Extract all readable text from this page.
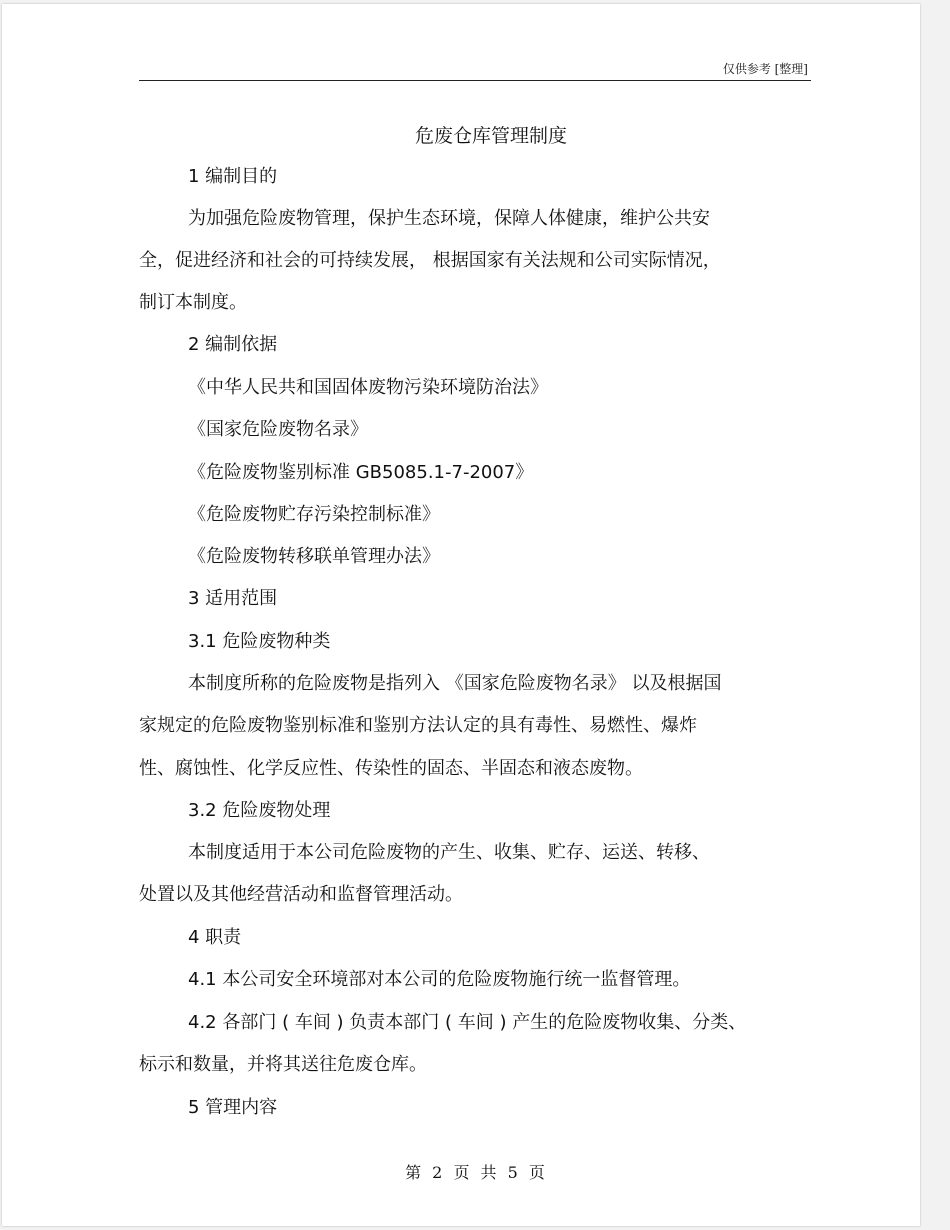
仅供参考 [整理]
危废仓库管理制度
1 编制目的
为加强危险废物管理，保护生态环境，保障人体健康，维护公共安
全，促进经济和社会的可持续发展， 根据国家有关法规和公司实际情况，
制订本制度。
2 编制依据
《中华人民共和国固体废物污染环境防治法》
《国家危险废物名录》
《危险废物鉴别标准 GB5085.1-7-2007》
《危险废物贮存污染控制标准》
《危险废物转移联单管理办法》
3 适用范围
3.1 危险废物种类
本制度所称的危险废物是指列入 《国家危险废物名录》 以及根据国
家规定的危险废物鉴别标准和鉴别方法认定的具有毒性、易燃性、爆炸
性、腐蚀性、化学反应性、传染性的固态、半固态和液态废物。
3.2 危险废物处理
本制度适用于本公司危险废物的产生、收集、贮存、运送、转移、
处置以及其他经营活动和监督管理活动。
4 职责
4.1 本公司安全环境部对本公司的危险废物施行统一监督管理。
4.2 各部门 ( 车间 ) 负责本部门 ( 车间 ) 产生的危险废物收集、分类、
标示和数量，并将其送往危废仓库。
5 管理内容
第 2 页 共 5 页
